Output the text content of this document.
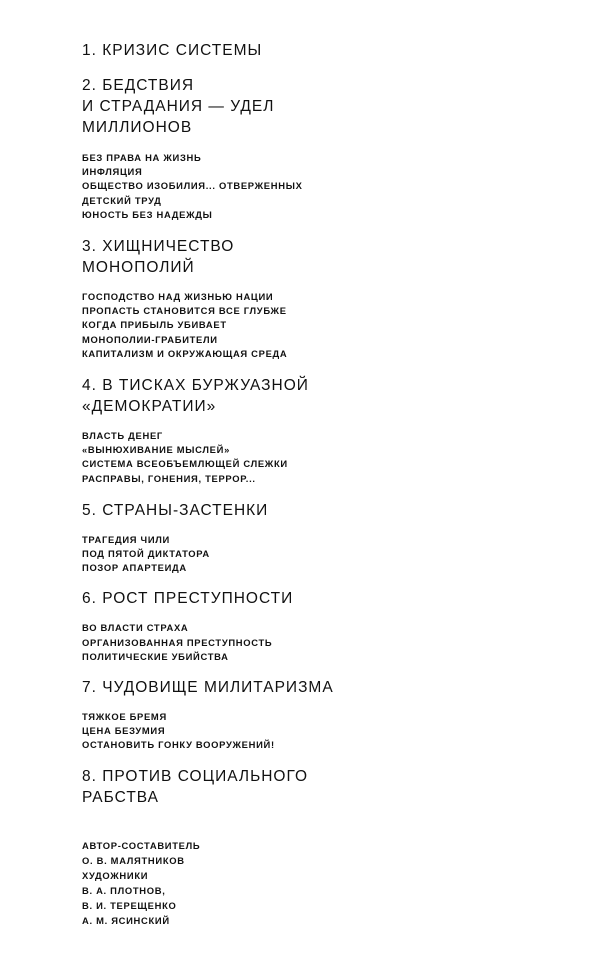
1. КРИЗИС СИСТЕМЫ
2. БЕДСТВИЯ
И СТРАДАНИЯ — УДЕЛ
МИЛЛИОНОВ
БЕЗ ПРАВА НА ЖИЗНЬ
ИНФЛЯЦИЯ
ОБЩЕСТВО ИЗОБИЛИЯ... ОТВЕРЖЕННЫХ
ДЕТСКИЙ ТРУД
ЮНОСТЬ БЕЗ НАДЕЖДЫ
3. ХИЩНИЧЕСТВО
МОНОПОЛИЙ
ГОСПОДСТВО НАД ЖИЗНЬЮ НАЦИИ
ПРОПАСТЬ СТАНОВИТСЯ ВСЕ ГЛУБЖЕ
КОГДА ПРИБЫЛЬ УБИВАЕТ
МОНОПОЛИИ-ГРАБИТЕЛИ
КАПИТАЛИЗМ И ОКРУЖАЮЩАЯ СРЕДА
4. В ТИСКАХ БУРЖУАЗНОЙ
«ДЕМОКРАТИИ»
ВЛАСТЬ ДЕНЕГ
«ВЫНЮХИВАНИЕ МЫСЛЕЙ»
СИСТЕМА ВСЕОБЪЕМЛЮЩЕЙ СЛЕЖКИ
РАСПРАВЫ, ГОНЕНИЯ, ТЕРРОР...
5. СТРАНЫ-ЗАСТЕНКИ
ТРАГЕДИЯ ЧИЛИ
ПОД ПЯТОЙ ДИКТАТОРА
ПОЗОР АПАРТЕИДА
6. РОСТ ПРЕСТУПНОСТИ
ВО ВЛАСТИ СТРАХА
ОРГАНИЗОВАННАЯ ПРЕСТУПНОСТЬ
ПОЛИТИЧЕСКИЕ УБИЙСТВА
7. ЧУДОВИЩЕ МИЛИТАРИЗМА
ТЯЖКОЕ БРЕМЯ
ЦЕНА БЕЗУМИЯ
ОСТАНОВИТЬ ГОНКУ ВООРУЖЕНИЙ!
8. ПРОТИВ СОЦИАЛЬНОГО
РАБСТВА
АВТОР-СОСТАВИТЕЛЬ
О. В. МАЛЯТНИКОВ
ХУДОЖНИКИ
В. А. ПЛОТНОВ,
В. И. ТЕРЕЩЕНКО
А. М. ЯСИНСКИЙ
